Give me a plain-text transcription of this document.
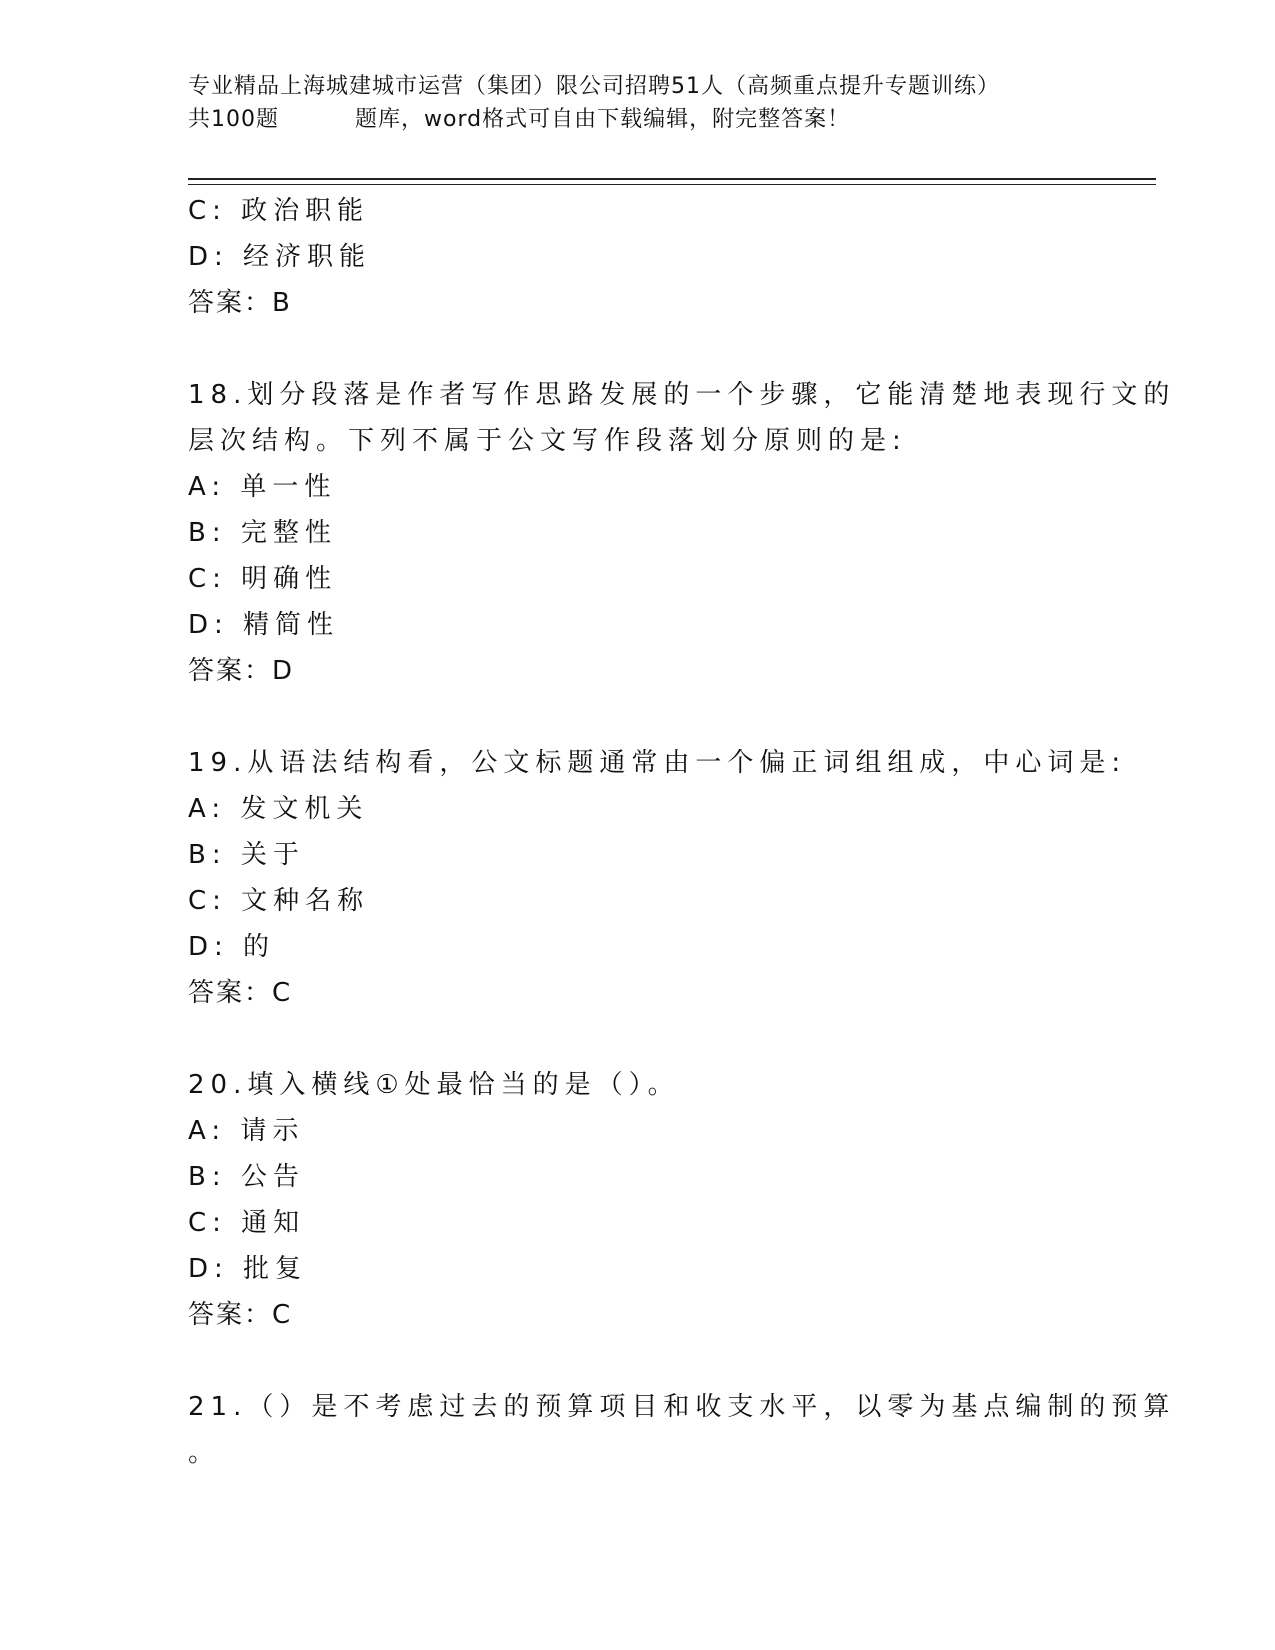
专业精品上海城建城市运营（集团）限公司招聘51人（高频重点提升专题训练）
共100题	题库，word格式可自由下载编辑，附完整答案！
C: 政治职能
D: 经济职能
答案：B
18.划分段落是作者写作思路发展的一个步骤，它能清楚地表现行文的
层次结构。下列不属于公文写作段落划分原则的是:
A: 单一性
B: 完整性
C: 明确性
D: 精简性
答案：D
19.从语法结构看，公文标题通常由一个偏正词组组成，中心词是:
A: 发文机关
B: 关于
C: 文种名称
D: 的
答案：C
20.填入横线①处最恰当的是（）。
A: 请示
B: 公告
C: 通知
D: 批复
答案：C
21.（）是不考虑过去的预算项目和收支水平，以零为基点编制的预算
。
